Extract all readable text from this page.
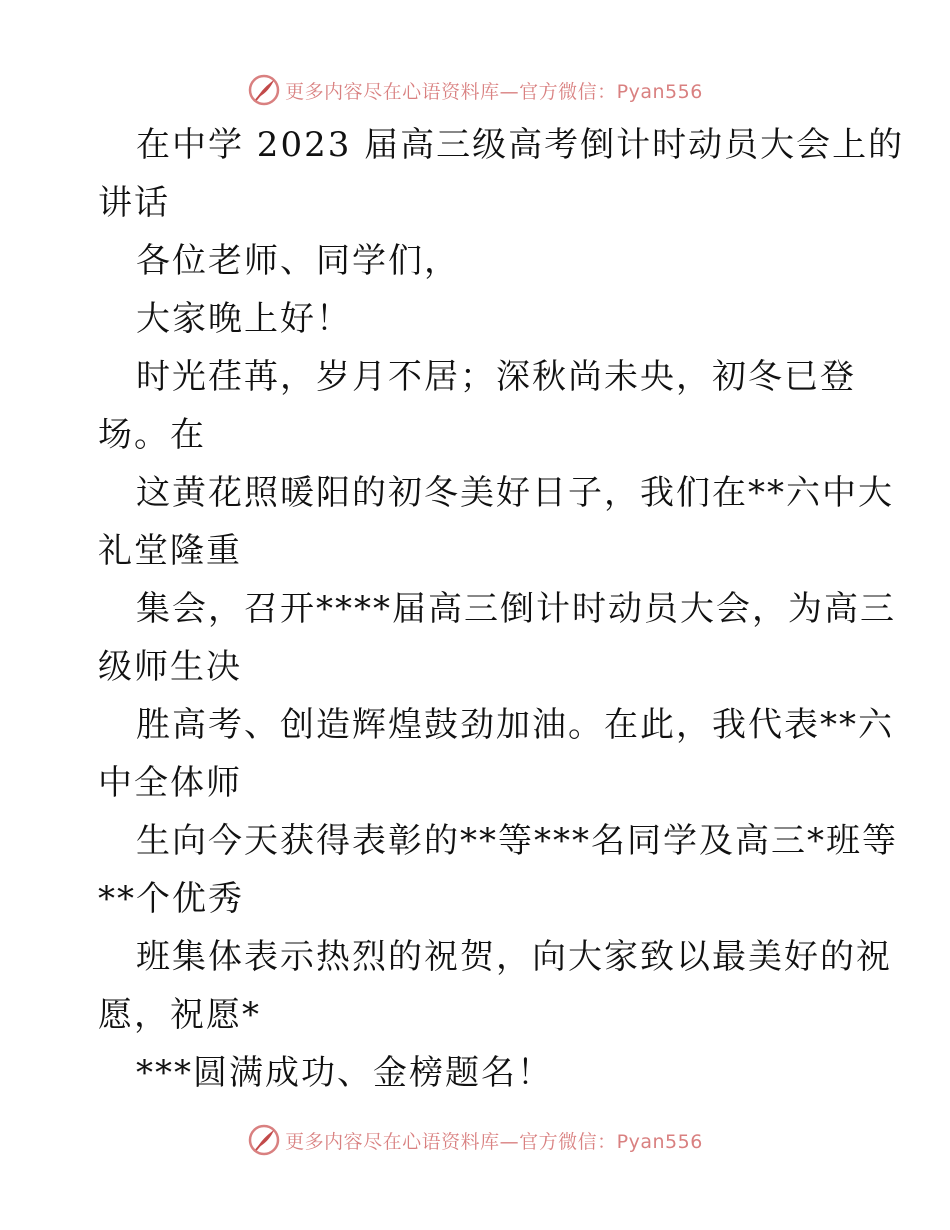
更多内容尽在心语资料库—官方微信：Pyan556
在中学 2023 届高三级高考倒计时动员大会上的
讲话
各位老师、同学们，
大家晚上好！
时光荏苒，岁月不居；深秋尚未央，初冬已登
场。在
这黄花照暖阳的初冬美好日子，我们在**六中大
礼堂隆重
集会，召开****届高三倒计时动员大会，为高三
级师生决
胜高考、创造辉煌鼓劲加油。在此，我代表**六
中全体师
生向今天获得表彰的**等***名同学及高三*班等
**个优秀
班集体表示热烈的祝贺，向大家致以最美好的祝
愿，祝愿*
***圆满成功、金榜题名！
更多内容尽在心语资料库—官方微信：Pyan556
